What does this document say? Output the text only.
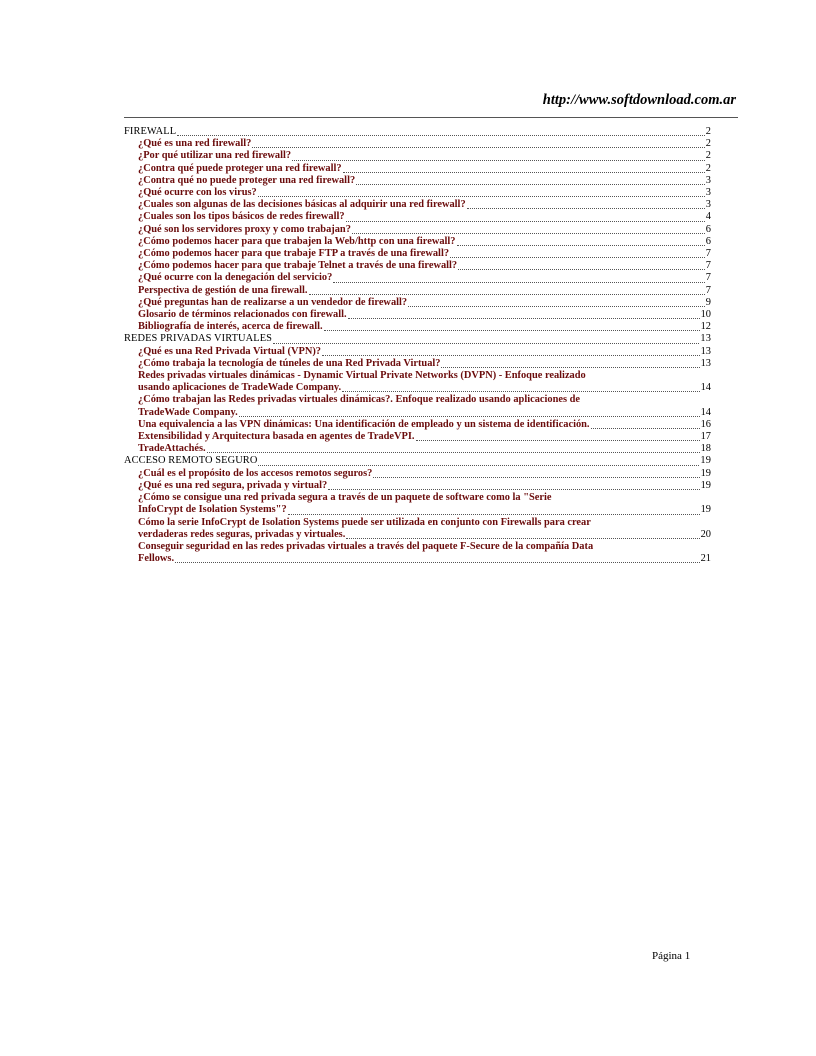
http://www.softdownload.com.ar
FIREWALL	2
¿Qué es una red firewall?	2
¿Por qué utilizar una red firewall?	2
¿Contra qué puede proteger una red firewall?	2
¿Contra qué no puede proteger una red firewall?	3
¿Qué ocurre con los virus?	3
¿Cuales son algunas de las decisiones básicas al adquirir una red firewall?	3
¿Cuales son los tipos básicos de redes firewall?	4
¿Qué son los servidores proxy y como trabajan?	6
¿Cómo podemos hacer para que trabajen la Web/http con una firewall?	6
¿Cómo podemos hacer para que trabaje FTP a través de una firewall?	7
¿Cómo podemos hacer para que trabaje Telnet a través de una firewall?	7
¿Qué ocurre con la denegación del servicio?	7
Perspectiva de gestión de una firewall.	7
¿Qué preguntas han de realizarse a un vendedor de firewall?	9
Glosario de términos relacionados con firewall.	10
Bibliografía de interés, acerca de firewall.	12
REDES PRIVADAS VIRTUALES	13
¿Qué es una Red Privada Virtual (VPN)?	13
¿Cómo trabaja la tecnología de túneles de una Red Privada Virtual?	13
Redes privadas virtuales dinámicas - Dynamic Virtual Private Networks (DVPN) - Enfoque realizado
usando aplicaciones de TradeWade Company.	14
¿Cómo trabajan las Redes privadas virtuales dinámicas?. Enfoque realizado usando aplicaciones de
TradeWade Company.	14
Una equivalencia a las VPN dinámicas: Una identificación de empleado y un sistema de identificación.	16
Extensibilidad y Arquitectura basada en agentes de TradeVPI.	17
TradeAttachés.	18
ACCESO REMOTO SEGURO	19
¿Cuál es el propósito de los accesos remotos seguros?	19
¿Qué es una red segura, privada y virtual?	19
¿Cómo se consigue una red privada segura a través de un paquete de software como la "Serie
InfoCrypt de Isolation Systems"?	19
Cómo la serie InfoCrypt de Isolation Systems puede ser utilizada en conjunto con Firewalls para crear
verdaderas redes seguras, privadas y virtuales.	20
Conseguir seguridad en las redes privadas virtuales a través del paquete F-Secure de la compañía Data
Fellows.	21
Página 1
